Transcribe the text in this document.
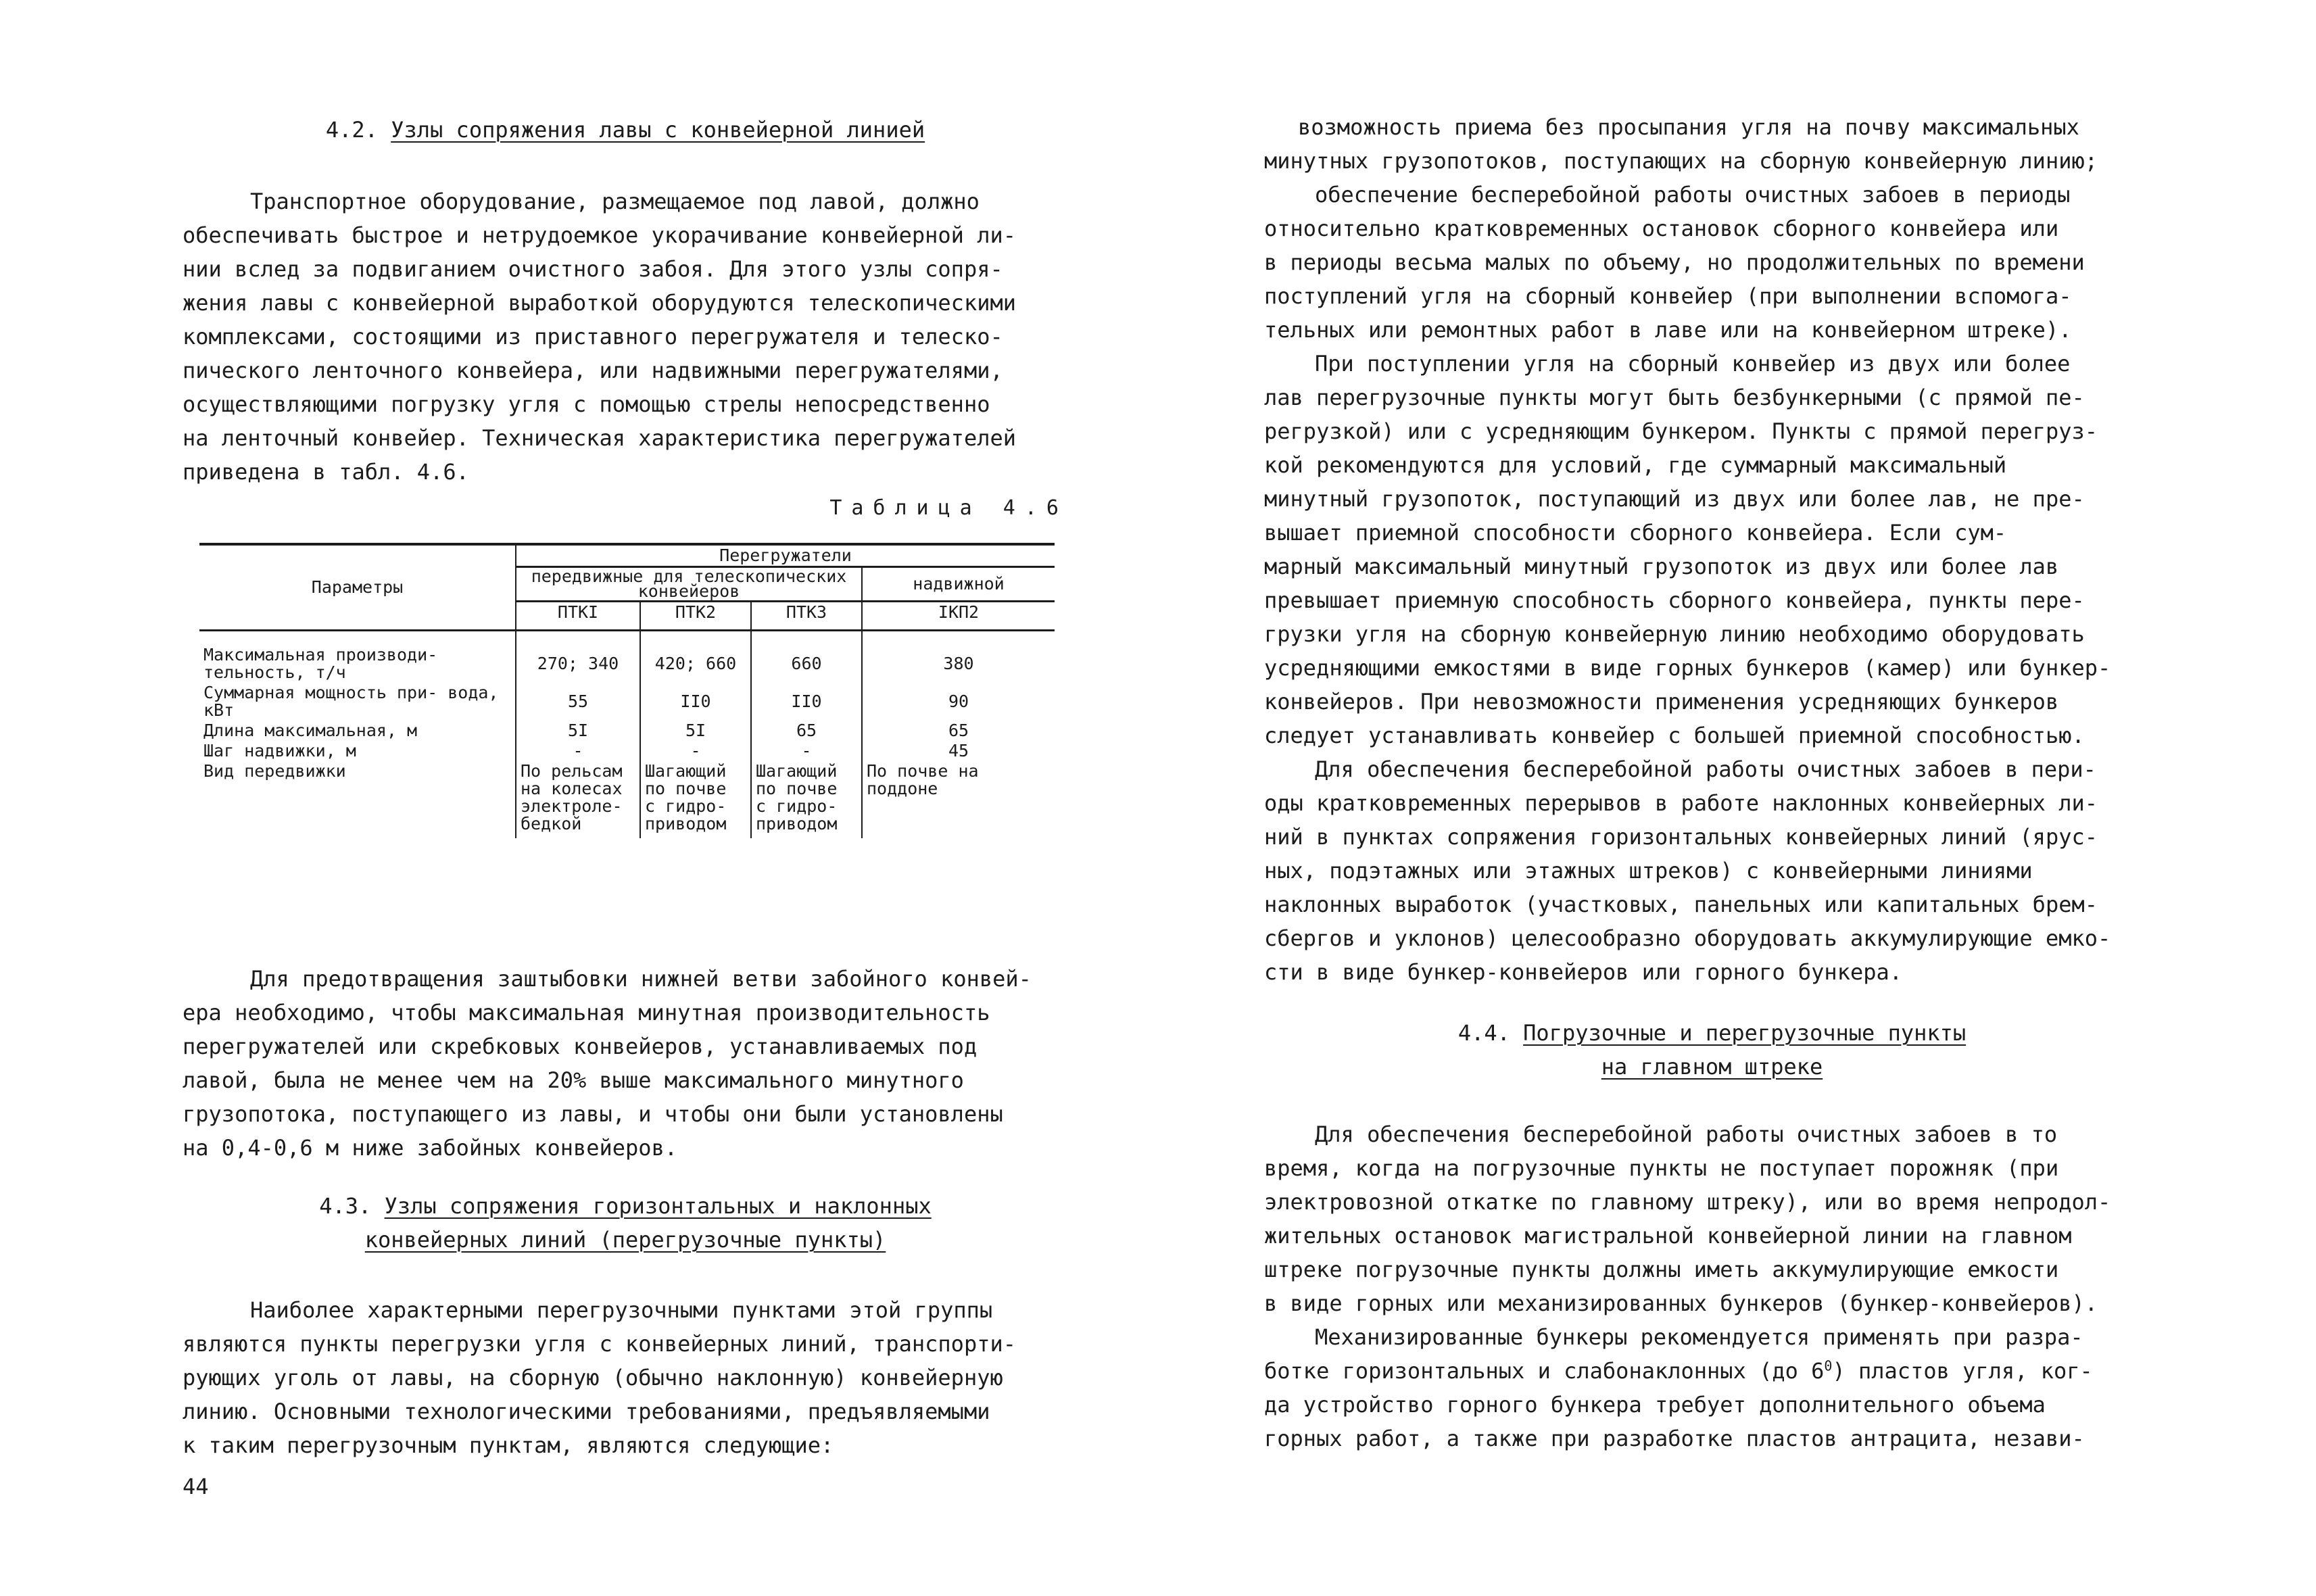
4.2. Узлы сопряжения лавы с конвейерной линией
Транспортное оборудование, размещаемое под лавой, должно
обеспечивать быстрое и нетрудоемкое укорачивание конвейерной ли-
нии вслед за подвиганием очистного забоя. Для этого узлы сопря-
жения лавы с конвейерной выработкой оборудуются телескопическими
комплексами, состоящими из приставного перегружателя и телеско-
пического ленточного конвейера, или надвижными перегружателями,
осуществляющими погрузку угля с помощью стрелы непосредственно
на ленточный конвейер. Техническая характеристика перегружателей
приведена в табл. 4.6.
Таблица 4.6
Параметры	Перегружатели			
	передвижные для телескопических конвейеров			надвижной
	ПТКI	ПТК2	ПТК3	IКП2
Максимальная производи- тельность, т/ч	270; 340	420; 660	660	380
Суммарная мощность при- вода, кВт	55	II0	II0	90
Длина максимальная, м	5I	5I	65	65
Шаг надвижки, м	-	-	-	45
Вид передвижки	По рельсам на колесах электроле- бедкой	Шагающий по почве с гидро- приводом	Шагающий по почве с гидро- приводом	По почве на поддоне
Для предотвращения заштыбовки нижней ветви забойного конвей-
ера необходимо, чтобы максимальная минутная производительность
перегружателей или скребковых конвейеров, устанавливаемых под
лавой, была не менее чем на 20% выше максимального минутного
грузопотока, поступающего из лавы, и чтобы они были установлены
на 0,4-0,6 м ниже забойных конвейеров.
4.3. Узлы сопряжения горизонтальных и наклонных
конвейерных линий (перегрузочные пункты)
Наиболее характерными перегрузочными пунктами этой группы
являются пункты перегрузки угля с конвейерных линий, транспорти-
рующих уголь от лавы, на сборную (обычно наклонную) конвейерную
линию. Основными технологическими требованиями, предъявляемыми
к таким перегрузочным пунктам, являются следующие:
44
возможность приема без просыпания угля на почву максимальных
минутных грузопотоков, поступающих на сборную конвейерную линию;
обеспечение бесперебойной работы очистных забоев в периоды
относительно кратковременных остановок сборного конвейера или
в периоды весьма малых по объему, но продолжительных по времени
поступлений угля на сборный конвейер (при выполнении вспомога-
тельных или ремонтных работ в лаве или на конвейерном штреке).
При поступлении угля на сборный конвейер из двух или более
лав перегрузочные пункты могут быть безбункерными (с прямой пе-
регрузкой) или с усредняющим бункером. Пункты с прямой перегруз-
кой рекомендуются для условий, где суммарный максимальный
минутный грузопоток, поступающий из двух или более лав, не пре-
вышает приемной способности сборного конвейера. Если сум-
марный максимальный минутный грузопоток из двух или более лав
превышает приемную способность сборного конвейера, пункты пере-
грузки угля на сборную конвейерную линию необходимо оборудовать
усредняющими емкостями в виде горных бункеров (камер) или бункер-
конвейеров. При невозможности применения усредняющих бункеров
следует устанавливать конвейер с большей приемной способностью.
Для обеспечения бесперебойной работы очистных забоев в пери-
оды кратковременных перерывов в работе наклонных конвейерных ли-
ний в пунктах сопряжения горизонтальных конвейерных линий (ярус-
ных, подэтажных или этажных штреков) с конвейерными линиями
наклонных выработок (участковых, панельных или капитальных брем-
сбергов и уклонов) целесообразно оборудовать аккумулирующие емко-
сти в виде бункер-конвейеров или горного бункера.
4.4. Погрузочные и перегрузочные пункты
на главном штреке
Для обеспечения бесперебойной работы очистных забоев в то
время, когда на погрузочные пункты не поступает порожняк (при
электровозной откатке по главному штреку), или во время непродол-
жительных остановок магистральной конвейерной линии на главном
штреке погрузочные пункты должны иметь аккумулирующие емкости
в виде горных или механизированных бункеров (бункер-конвейеров).
Механизированные бункеры рекомендуется применять при разра-
ботке горизонтальных и слабонаклонных (до $6^0$) пластов угля, ког-
да устройство горного бункера требует дополнительного объема
горных работ, а также при разработке пластов антрацита, незави-
